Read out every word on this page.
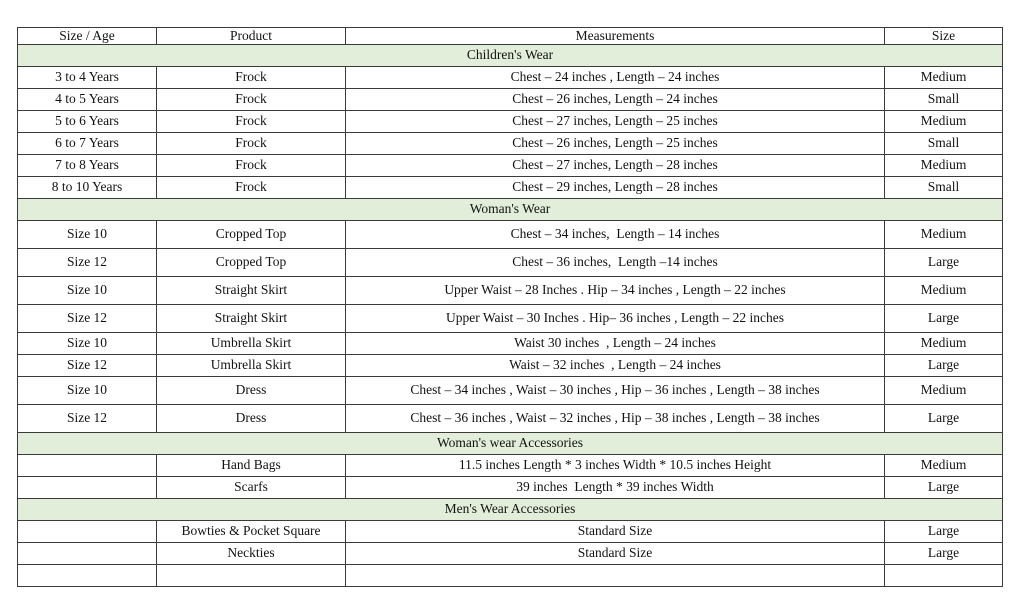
Size / Age	Product	Measurements	Size
Children's Wear			
3 to 4 Years	Frock	Chest – 24 inches , Length – 24 inches	Medium
4 to 5 Years	Frock	Chest – 26 inches, Length – 24 inches	Small
5 to 6 Years	Frock	Chest – 27 inches, Length – 25 inches	Medium
6 to 7 Years	Frock	Chest – 26 inches, Length – 25 inches	Small
7 to 8 Years	Frock	Chest – 27 inches, Length – 28 inches	Medium
8 to 10 Years	Frock	Chest – 29 inches, Length – 28 inches	Small
Woman's Wear			
Size 10	Cropped Top	Chest – 34 inches,  Length – 14 inches	Medium
Size 12	Cropped Top	Chest – 36 inches,  Length –14 inches	Large
Size 10	Straight Skirt	Upper Waist – 28 Inches . Hip – 34 inches , Length – 22 inches	Medium
Size 12	Straight Skirt	Upper Waist – 30 Inches . Hip– 36 inches , Length – 22 inches	Large
Size 10	Umbrella Skirt	Waist 30 inches  , Length – 24 inches	Medium
Size 12	Umbrella Skirt	Waist – 32 inches  , Length – 24 inches	Large
Size 10	Dress	Chest – 34 inches , Waist – 30 inches , Hip – 36 inches , Length – 38 inches	Medium
Size 12	Dress	Chest – 36 inches , Waist – 32 inches , Hip – 38 inches , Length – 38 inches	Large
Woman's wear Accessories			
	Hand Bags	11.5 inches Length * 3 inches Width * 10.5 inches Height	Medium
	Scarfs	39 inches  Length * 39 inches Width	Large
Men's Wear Accessories			
	Bowties & Pocket Square	Standard Size	Large
	Neckties	Standard Size	Large
